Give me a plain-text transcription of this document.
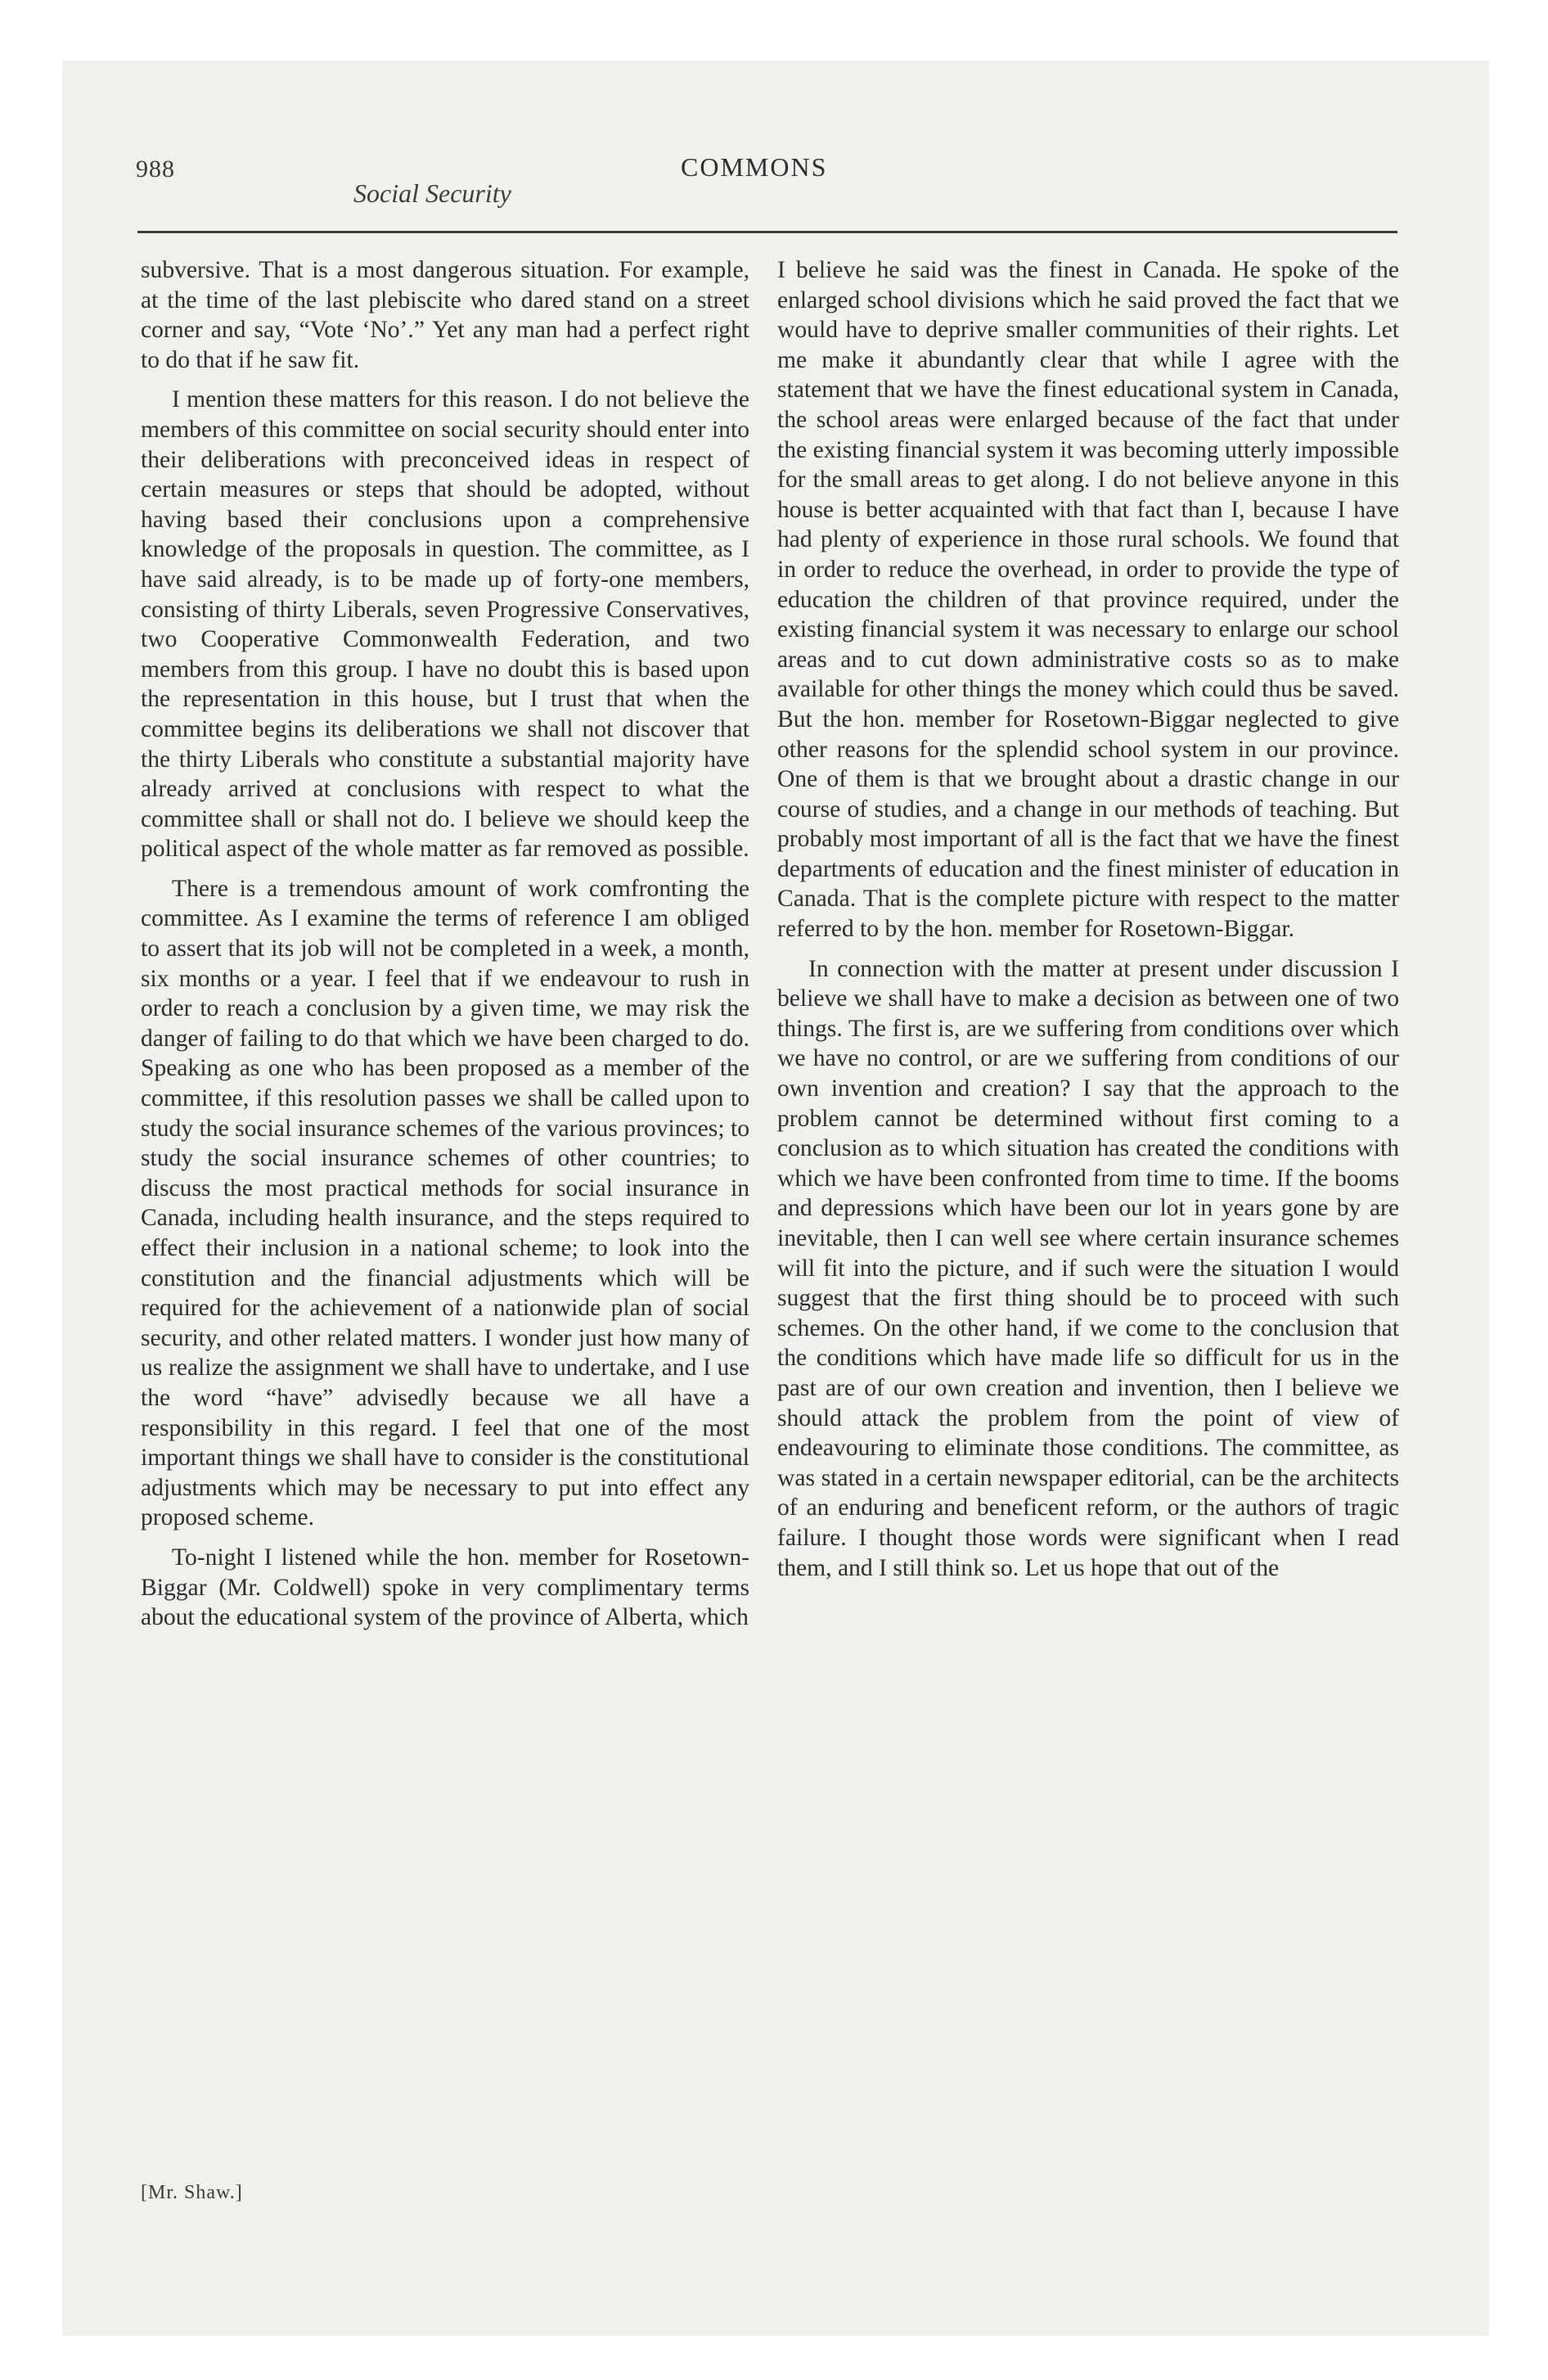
988
Social Security
COMMONS

subversive. That is a most dangerous situation. For example, at the time of the last plebiscite who dared stand on a street corner and say, “Vote ‘No’.” Yet any man had a perfect right to do that if he saw fit.

I mention these matters for this reason. I do not believe the members of this committee on social security should enter into their deliberations with preconceived ideas in respect of certain measures or steps that should be adopted, without having based their conclusions upon a comprehensive knowledge of the proposals in question. The committee, as I have said already, is to be made up of forty-one members, consisting of thirty Liberals, seven Progressive Conservatives, two Cooperative Commonwealth Federation, and two members from this group. I have no doubt this is based upon the representation in this house, but I trust that when the committee begins its deliberations we shall not discover that the thirty Liberals who constitute a substantial majority have already arrived at conclusions with respect to what the committee shall or shall not do. I believe we should keep the political aspect of the whole matter as far removed as possible.

There is a tremendous amount of work comfronting the committee. As I examine the terms of reference I am obliged to assert that its job will not be completed in a week, a month, six months or a year. I feel that if we endeavour to rush in order to reach a conclusion by a given time, we may risk the danger of failing to do that which we have been charged to do. Speaking as one who has been proposed as a member of the committee, if this resolution passes we shall be called upon to study the social insurance schemes of the various provinces; to study the social insurance schemes of other countries; to discuss the most practical methods for social insurance in Canada, including health insurance, and the steps required to effect their inclusion in a national scheme; to look into the constitution and the financial adjustments which will be required for the achievement of a nationwide plan of social security, and other related matters. I wonder just how many of us realize the assignment we shall have to undertake, and I use the word “have” advisedly because we all have a responsibility in this regard. I feel that one of the most important things we shall have to consider is the constitutional adjustments which may be necessary to put into effect any proposed scheme.

To-night I listened while the hon. member for Rosetown-Biggar (Mr. Coldwell) spoke in very complimentary terms about the educational system of the province of Alberta, which

I believe he said was the finest in Canada. He spoke of the enlarged school divisions which he said proved the fact that we would have to deprive smaller communities of their rights. Let me make it abundantly clear that while I agree with the statement that we have the finest educational system in Canada, the school areas were enlarged because of the fact that under the existing financial system it was becoming utterly impossible for the small areas to get along. I do not believe anyone in this house is better acquainted with that fact than I, because I have had plenty of experience in those rural schools. We found that in order to reduce the overhead, in order to provide the type of education the children of that province required, under the existing financial system it was necessary to enlarge our school areas and to cut down administrative costs so as to make available for other things the money which could thus be saved. But the hon. member for Rosetown-Biggar neglected to give other reasons for the splendid school system in our province. One of them is that we brought about a drastic change in our course of studies, and a change in our methods of teaching. But probably most important of all is the fact that we have the finest departments of education and the finest minister of education in Canada. That is the complete picture with respect to the matter referred to by the hon. member for Rosetown-Biggar.

In connection with the matter at present under discussion I believe we shall have to make a decision as between one of two things. The first is, are we suffering from conditions over which we have no control, or are we suffering from conditions of our own invention and creation? I say that the approach to the problem cannot be determined without first coming to a conclusion as to which situation has created the conditions with which we have been confronted from time to time. If the booms and depressions which have been our lot in years gone by are inevitable, then I can well see where certain insurance schemes will fit into the picture, and if such were the situation I would suggest that the first thing should be to proceed with such schemes. On the other hand, if we come to the conclusion that the conditions which have made life so difficult for us in the past are of our own creation and invention, then I believe we should attack the problem from the point of view of endeavouring to eliminate those conditions. The committee, as was stated in a certain newspaper editorial, can be the architects of an enduring and beneficent reform, or the authors of tragic failure. I thought those words were significant when I read them, and I still think so. Let us hope that out of the

[Mr. Shaw.]
